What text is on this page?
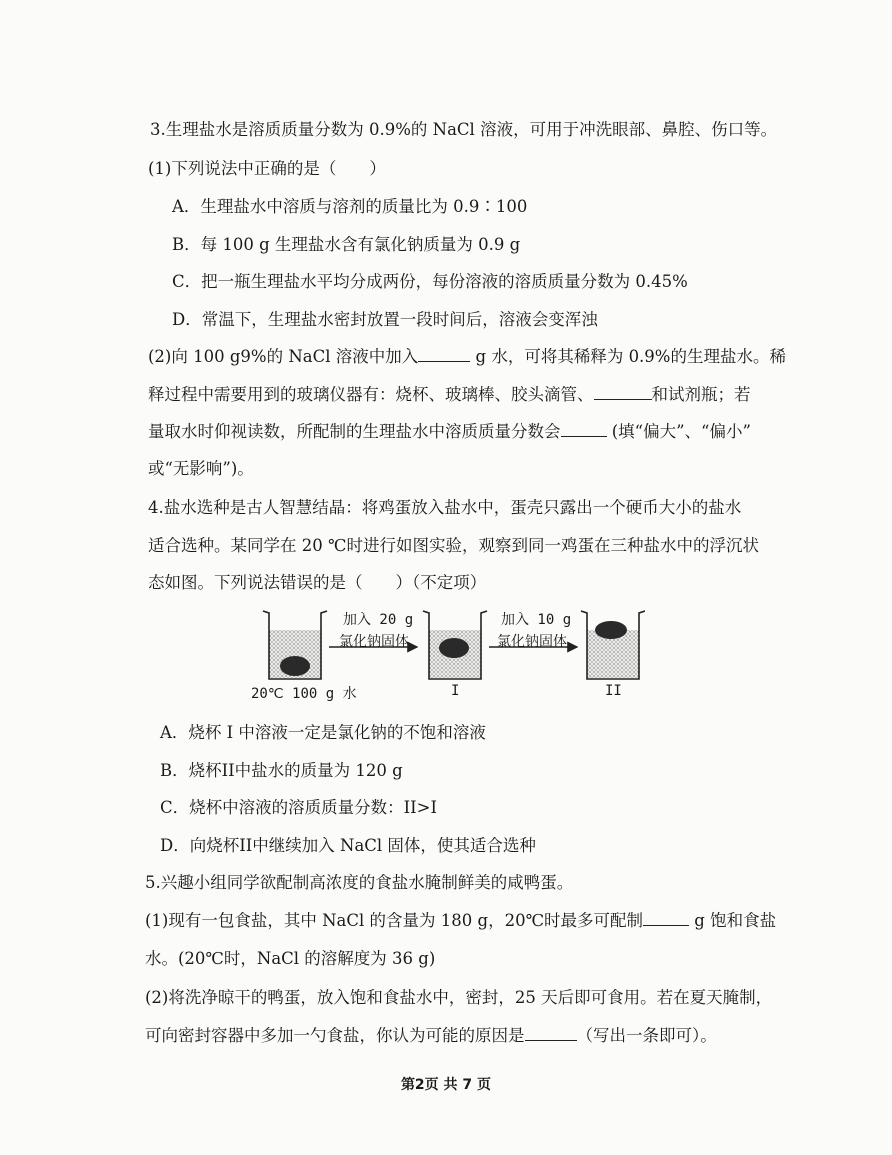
3.生理盐水是溶质质量分数为 0.9%的 NaCl 溶液，可用于冲洗眼部、鼻腔、伤口等。
(1)下列说法中正确的是（　　）
A．生理盐水中溶质与溶剂的质量比为 0.9∶100
B．每 100 g 生理盐水含有氯化钠质量为 0.9 g
C．把一瓶生理盐水平均分成两份，每份溶液的溶质质量分数为 0.45%
D．常温下，生理盐水密封放置一段时间后，溶液会变浑浊
(2)向 100 g9%的 NaCl 溶液中加入	g 水，可将其稀释为 0.9%的生理盐水。稀
释过程中需要用到的玻璃仪器有：烧杯、玻璃棒、胶头滴管、	和试剂瓶；若
量取水时仰视读数，所配制的生理盐水中溶质质量分数会	(填“偏大”、“偏小”
或“无影响”)。
4.盐水选种是古人智慧结晶：将鸡蛋放入盐水中，蛋壳只露出一个硬币大小的盐水
适合选种。某同学在 20 ℃时进行如图实验，观察到同一鸡蛋在三种盐水中的浮沉状
态如图。下列说法错误的是（　　）（不定项）
加入 20 g
氯化钠固体
加入 10 g
氯化钠固体
20℃ 100 g 水	I	II
A．烧杯 I 中溶液一定是氯化钠的不饱和溶液
B．烧杯II中盐水的质量为 120 g
C．烧杯中溶液的溶质质量分数：II>I
D．向烧杯II中继续加入 NaCl 固体，使其适合选种
5.兴趣小组同学欲配制高浓度的食盐水腌制鲜美的咸鸭蛋。
(1)现有一包食盐，其中 NaCl 的含量为 180 g，20℃时最多可配制	g 饱和食盐
水。(20℃时，NaCl 的溶解度为 36 g)
(2)将洗净晾干的鸭蛋，放入饱和食盐水中，密封，25 天后即可食用。若在夏天腌制，
可向密封容器中多加一勺食盐，你认为可能的原因是	（写出一条即可）。
第2页 共 7 页
